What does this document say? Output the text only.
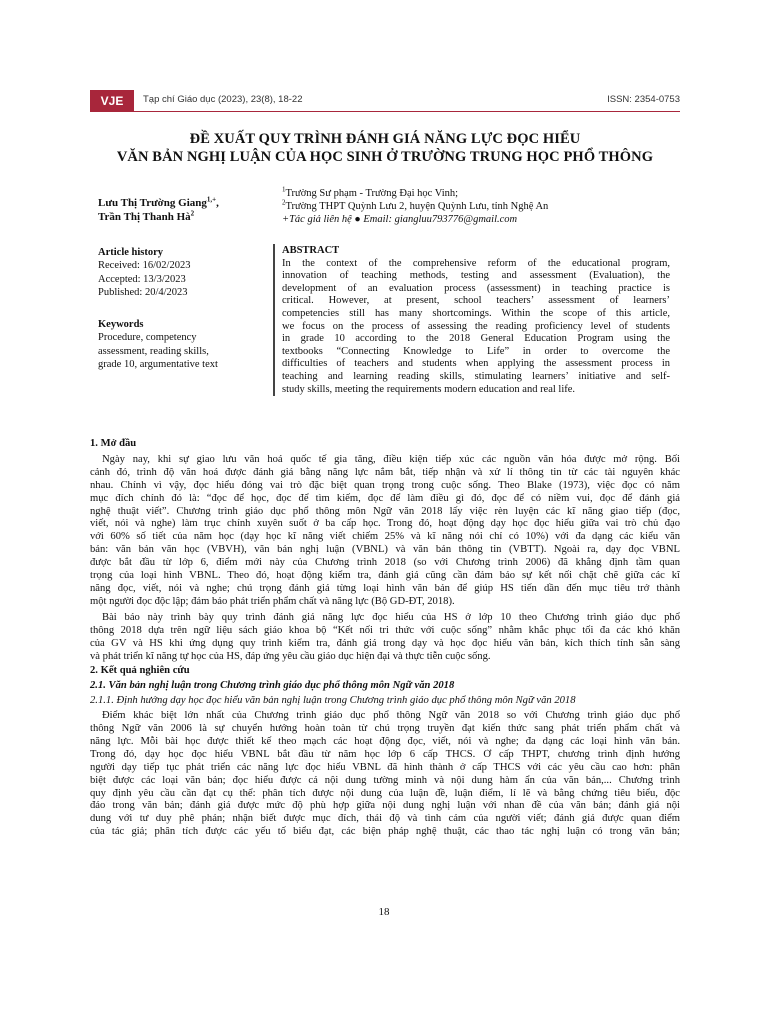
VJE	Tạp chí Giáo dục (2023), 23(8), 18-22	ISSN: 2354-0753
ĐỀ XUẤT QUY TRÌNH ĐÁNH GIÁ NĂNG LỰC ĐỌC HIỂU
VĂN BẢN NGHỊ LUẬN CỦA HỌC SINH Ở TRƯỜNG TRUNG HỌC PHỔ THÔNG
Lưu Thị Trường Giang$^{1,+}$,
Trần Thị Thanh $Hà^2$
$^1$Trường Sư phạm - Trường Đại học Vinh;
$^2$Trường THPT Quỳnh Lưu 2, huyện Quỳnh Lưu, tỉnh Nghệ An
+Tác giả liên hệ ● Email: giangluu793776@gmail.com
Article history
Received: 16/02/2023
Accepted: 13/3/2023
Published: 20/4/2023
Keywords
Procedure, competency
assessment, reading skills,
grade 10, argumentative text
ABSTRACT
In the context of the comprehensive reform of the educational program,
innovation of teaching methods, testing and assessment (Evaluation), the
development of an evaluation process (assessment) in teaching practice is
critical. However, at present, school teachers’ assessment of learners’
competencies still has many shortcomings. Within the scope of this article,
we focus on the process of assessing the reading proficiency level of students
in grade 10 according to the 2018 General Education Program using the
textbooks “Connecting Knowledge to Life” in order to overcome the
difficulties of teachers and students when applying the assessment process in
teaching and learning reading skills, stimulating learners’ initiative and self-
study skills, meeting the requirements modern education and real life.
1. Mở đầu
Ngày nay, khi sự giao lưu văn hoá quốc tế gia tăng, điều kiện tiếp xúc các nguồn văn hóa được mở rộng. Bối
cảnh đó, trình độ văn hoá được đánh giá bằng năng lực nắm bắt, tiếp nhận và xử lí thông tin từ các tài nguyên khác
nhau. Chính vì vậy, đọc hiểu đóng vai trò đặc biệt quan trọng trong cuộc sống. Theo Blake (1973), việc đọc có năm
mục đích chính đó là: “đọc để học, đọc để tìm kiếm, đọc để làm điều gì đó, đọc để có niềm vui, đọc để đánh giá
nghệ thuật viết”. Chương trình giáo dục phổ thông môn Ngữ văn 2018 lấy việc rèn luyện các kĩ năng giao tiếp (đọc,
viết, nói và nghe) làm trục chính xuyên suốt ở ba cấp học. Trong đó, hoạt động dạy học đọc hiểu giữa vai trò chủ đạo
với 60% số tiết của năm học (dạy học kĩ năng viết chiếm 25% và kĩ năng nói chỉ có 10%) với đa dạng các kiểu văn
bản: văn bản văn học (VBVH), văn bản nghị luận (VBNL) và văn bản thông tin (VBTT). Ngoài ra, dạy đọc VBNL
được bắt đầu từ lớp 6, điểm mới này của Chương trình 2018 (so với Chương trình 2006) đã khẳng định tầm quan
trọng của loại hình VBNL. Theo đó, hoạt động kiểm tra, đánh giá cũng cần đảm bảo sự kết nối chặt chẽ giữa các kĩ
năng đọc, viết, nói và nghe; chú trọng đánh giá từng loại hình văn bản để giúp HS tiến dần đến mục tiêu trở thành
một người đọc độc lập; đảm bảo phát triển phẩm chất và năng lực (Bộ GD-ĐT, 2018).
Bài báo này trình bày quy trình đánh giá năng lực đọc hiểu của HS ở lớp 10 theo Chương trình giáo dục phổ
thông 2018 dựa trên ngữ liệu sách giáo khoa bộ “Kết nối tri thức với cuộc sống” nhằm khắc phục tối đa các khó khăn
của GV và HS khi ứng dụng quy trình kiểm tra, đánh giá trong dạy và học đọc hiểu văn bản, kích thích tính sẵn sàng
và phát triển kĩ năng tự học của HS, đáp ứng yêu cầu giáo dục hiện đại và thực tiễn cuộc sống.
2. Kết quả nghiên cứu
2.1. Văn bản nghị luận trong Chương trình giáo dục phổ thông môn Ngữ văn 2018
2.1.1. Định hướng dạy học đọc hiểu văn bản nghị luận trong Chương trình giáo dục phổ thông môn Ngữ văn 2018
Điểm khác biệt lớn nhất của Chương trình giáo dục phổ thông Ngữ văn 2018 so với Chương trình giáo dục phổ
thông Ngữ văn 2006 là sự chuyển hướng hoàn toàn từ chú trọng truyền đạt kiến thức sang phát triển phẩm chất và
năng lực. Mỗi bài học được thiết kế theo mạch các hoạt động đọc, viết, nói và nghe; đa dạng các loại hình văn bản.
Trong đó, dạy học đọc hiểu VBNL bắt đầu từ năm học lớp 6 cấp THCS. Ở cấp THPT, chương trình định hướng
người dạy tiếp tục phát triển các năng lực đọc hiểu VBNL đã hình thành ở cấp THCS với các yêu cầu cao hơn: phân
biệt được các loại văn bản; đọc hiểu được cả nội dung tường minh và nội dung hàm ẩn của văn bản,... Chương trình
quy định yêu cầu cần đạt cụ thể: phân tích được nội dung của luận đề, luận điểm, lí lẽ và bằng chứng tiêu biểu, độc
đáo trong văn bản; đánh giá được mức độ phù hợp giữa nội dung nghị luận với nhan đề của văn bản; đánh giá nội
dung với tư duy phê phán; nhận biết được mục đích, thái độ và tình cảm của người viết; đánh giá được quan điểm
của tác giả; phân tích được các yếu tố biểu đạt, các biện pháp nghệ thuật, các thao tác nghị luận có trong văn bản;
18
